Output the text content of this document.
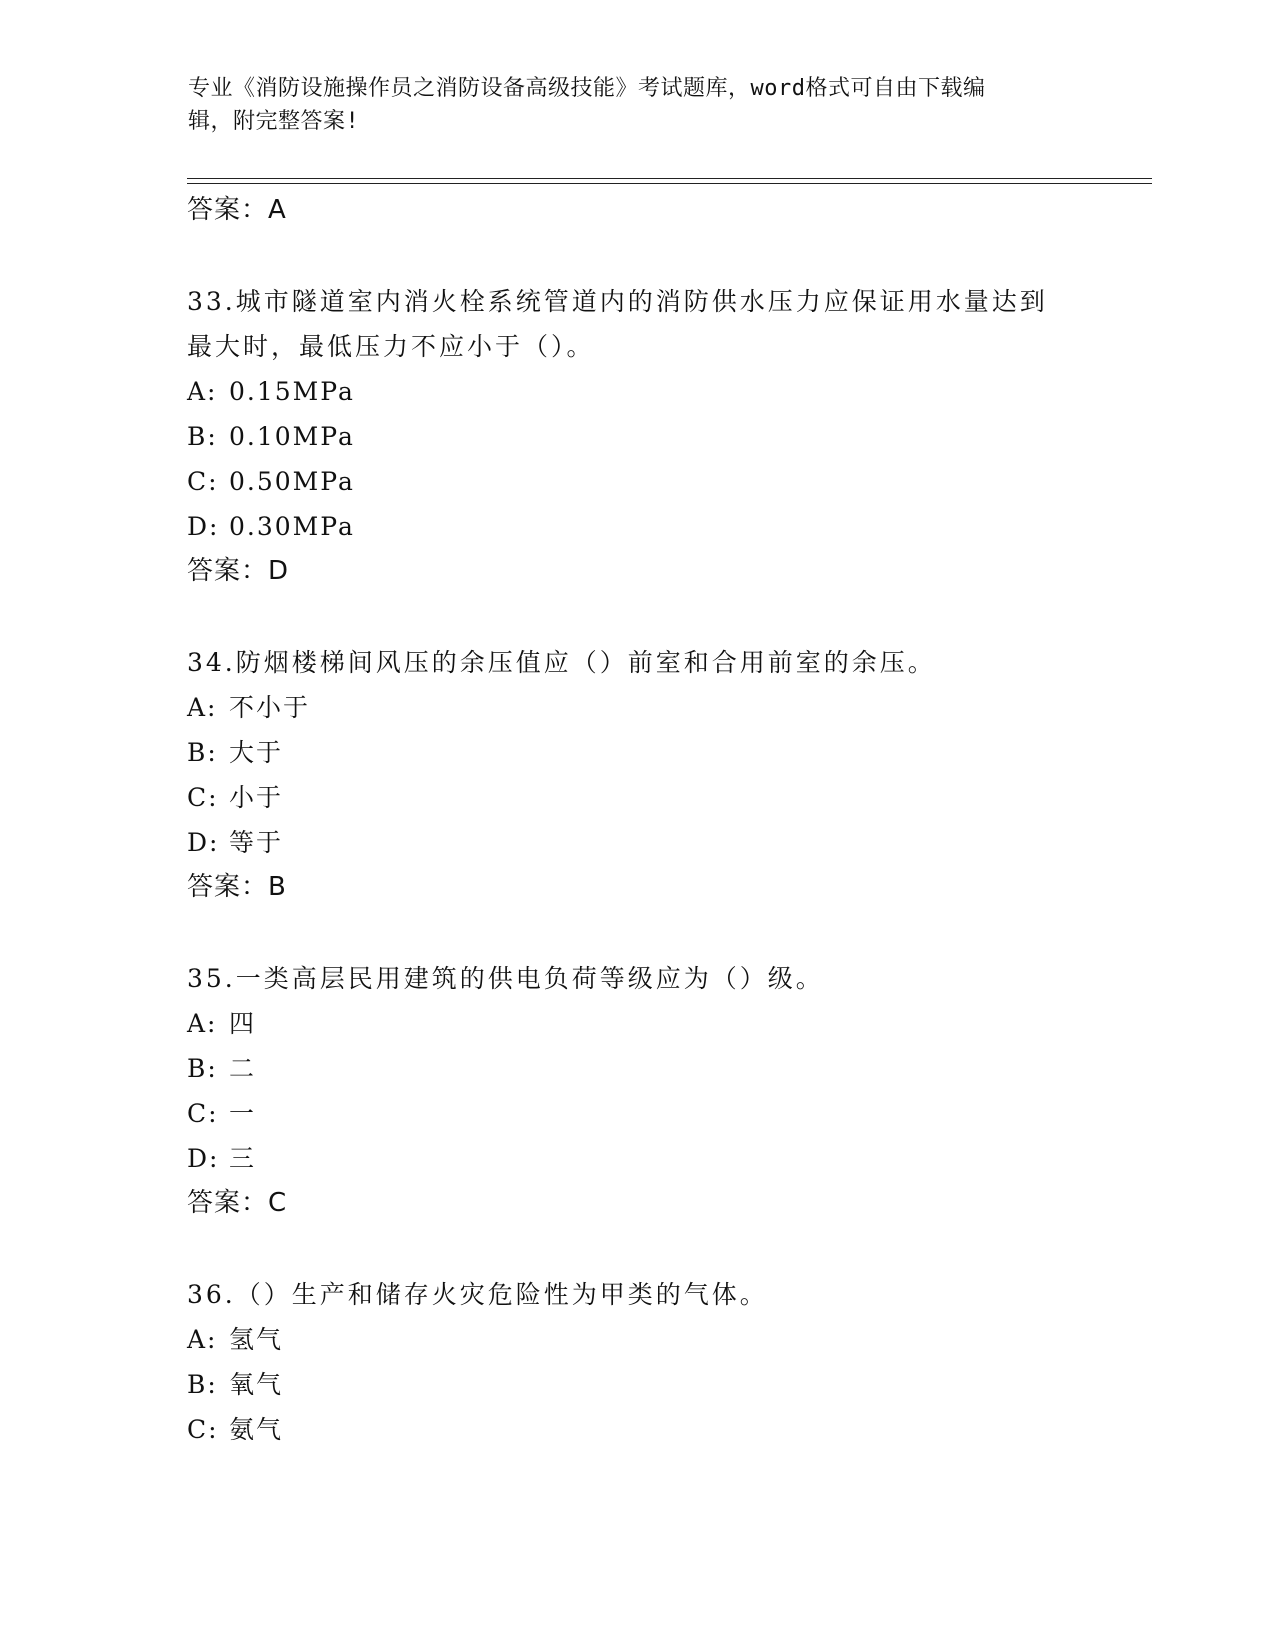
专业《消防设施操作员之消防设备高级技能》考试题库，word格式可自由下载编
辑，附完整答案!
答案：A
33.城市隧道室内消火栓系统管道内的消防供水压力应保证用水量达到
最大时，最低压力不应小于（）。
A: 0.15MPa
B: 0.10MPa
C: 0.50MPa
D: 0.30MPa
答案：D
34.防烟楼梯间风压的余压值应（）前室和合用前室的余压。
A: 不小于
B: 大于
C: 小于
D: 等于
答案：B
35.一类高层民用建筑的供电负荷等级应为（）级。
A: 四
B: 二
C: 一
D: 三
答案：C
36.（）生产和储存火灾危险性为甲类的气体。
A: 氢气
B: 氧气
C: 氨气
